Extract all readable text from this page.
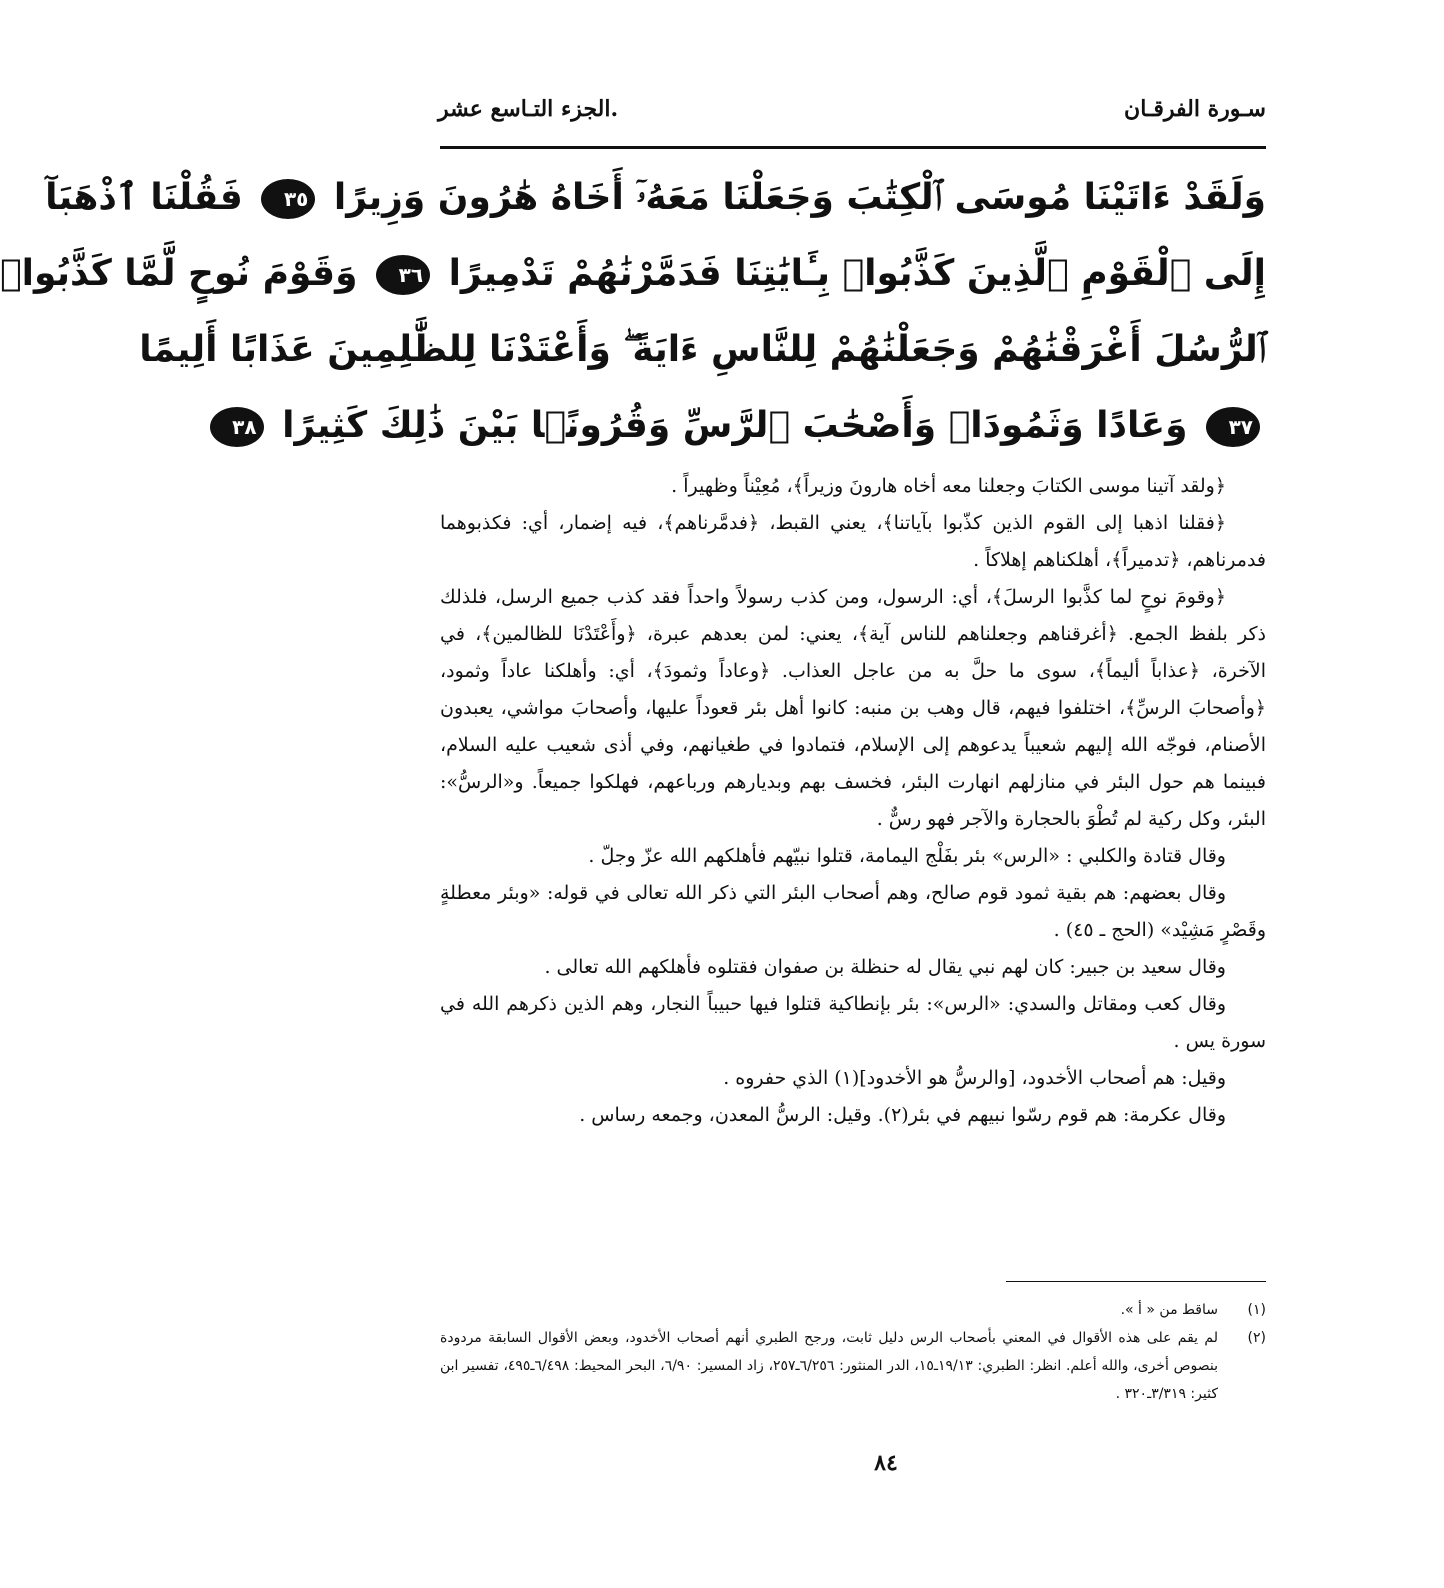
سـورة الفرقـان
.الجزء التـاسع عشر
وَلَقَدْ ءَاتَيْنَا مُوسَى ٱلْكِتَٰبَ وَجَعَلْنَا مَعَهُۥٓ أَخَاهُ هَٰرُونَ وَزِيرًا ٣٥ فَقُلْنَا ٱذْهَبَآ
إِلَى ٱلْقَوْمِ ٱلَّذِينَ كَذَّبُوا۟ بِـَٔايَٰتِنَا فَدَمَّرْنَٰهُمْ تَدْمِيرًا ٣٦ وَقَوْمَ نُوحٍ لَّمَّا كَذَّبُوا۟
ٱلرُّسُلَ أَغْرَقْنَٰهُمْ وَجَعَلْنَٰهُمْ لِلنَّاسِ ءَايَةً ۖ وَأَعْتَدْنَا لِلظَّٰلِمِينَ عَذَابًا أَلِيمًا
٣٧ وَعَادًا وَثَمُودَا۟ وَأَصْحَٰبَ ٱلرَّسِّ وَقُرُونًۢا بَيْنَ ذَٰلِكَ كَثِيرًا ٣٨

﴿ولقد آتينا موسى الكتابَ وجعلنا معه أخاه هارونَ وزيراً﴾، مُعِيْناً وظهيراً .

﴿فقلنا اذهبا إلى القوم الذين كذّبوا بآياتنا﴾، يعني القبط، ﴿فدمَّرناهم﴾، فيه إضمار، أي: فكذبوهما فدمرناهم، ﴿تدميراً﴾، أهلكناهم إهلاكاً .

﴿وقومَ نوحٍ لما كذَّبوا الرسلَ﴾، أي: الرسول، ومن كذب رسولاً واحداً فقد كذب جميع الرسل، فلذلك ذكر بلفظ الجمع. ﴿أغرقناهم وجعلناهم للناس آية﴾، يعني: لمن بعدهم عبرة، ﴿وأَعْتَدْنَا للظالمين﴾، في الآخرة، ﴿عذاباً أليماً﴾، سوى ما حلَّ به من عاجل العذاب. ﴿وعاداً وثمودَ﴾، أي: وأهلكنا عاداً وثمود، ﴿وأصحابَ الرسِّ﴾، اختلفوا فيهم، قال وهب بن منبه: كانوا أهل بئر قعوداً عليها، وأصحابَ مواشي، يعبدون الأصنام، فوجّه الله إليهم شعيباً يدعوهم إلى الإسلام، فتمادوا في طغيانهم، وفي أذى شعيب عليه السلام، فبينما هم حول البئر في منازلهم انهارت البئر، فخسف بهم وبديارهم ورباعهم، فهلكوا جميعاً. و«الرسُّ»: البئر، وكل ركية لم تُطْوَ بالحجارة والآجر فهو رسٌّ .

وقال قتادة والكلبي : «الرس» بئر بفَلْج اليمامة، قتلوا نبيّهم فأهلكهم الله عزّ وجلّ .

وقال بعضهم: هم بقية ثمود قوم صالح، وهم أصحاب البئر التي ذكر الله تعالى في قوله: «وبئر معطلةٍ وقَصْرٍ مَشِيْد» (الحج ـ ٤٥) .

وقال سعيد بن جبير: كان لهم نبي يقال له حنظلة بن صفوان فقتلوه فأهلكهم الله تعالى .

وقال كعب ومقاتل والسدي: «الرس»: بئر بإنطاكية قتلوا فيها حبيباً النجار، وهم الذين ذكرهم الله في سورة يس .

وقيل: هم أصحاب الأخدود، [والرسُّ هو الأخدود](١) الذي حفروه .

وقال عكرمة: هم قوم رسّوا نبيهم في بئر(٢). وقيل: الرسُّ المعدن، وجمعه رساس .

(١)
ساقط من « أ ».
(٢)
لم يقم على هذه الأقوال في المعني بأصحاب الرس دليل ثابت، ورجح الطبري أنهم أصحاب الأخدود، وبعض الأقوال السابقة مردودة بنصوص أخرى، والله أعلم. انظر: الطبري: ١٩/١٣ـ١٥، الدر المنثور: ٦/٢٥٦ـ٢٥٧، زاد المسير: ٦/٩٠، البحر المحيط: ٦/٤٩٨ـ٤٩٥، تفسير ابن كثير: ٣/٣١٩ـ٣٢٠ .
٨٤
